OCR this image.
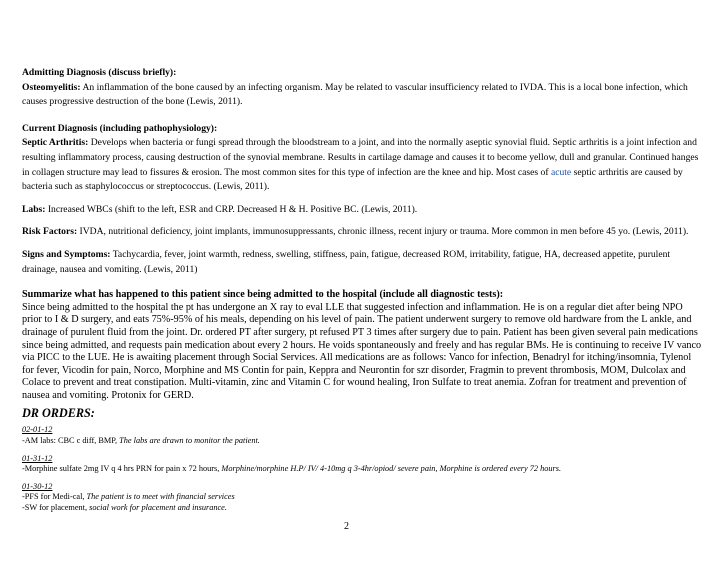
Admitting Diagnosis (discuss briefly):
Osteomyelitis: An inflammation of the bone caused by an infecting organism. May be related to vascular insufficiency related to IVDA. This is a local bone infection, which causes progressive destruction of the bone (Lewis, 2011).
Current Diagnosis (including pathophysiology):
Septic Arthritis: Develops when bacteria or fungi spread through the bloodstream to a joint, and into the normally aseptic synovial fluid. Septic arthritis is a joint infection and resulting inflammatory process, causing destruction of the synovial membrane. Results in cartilage damage and causes it to become yellow, dull and granular. Continued hanges in collagen structure may lead to fissures & erosion. The most common sites for this type of infection are the knee and hip. Most cases of acute septic arthritis are caused by bacteria such as staphylococcus or streptococcus. (Lewis, 2011).
Labs: Increased WBCs (shift to the left, ESR and CRP. Decreased H & H. Positive BC. (Lewis, 2011).
Risk Factors: IVDA, nutritional deficiency, joint implants, immunosuppressants, chronic illness, recent injury or trauma. More common in men before 45 yo. (Lewis, 2011).
Signs and Symptoms: Tachycardia, fever, joint warmth, redness, swelling, stiffness, pain, fatigue, decreased ROM, irritability, fatigue, HA, decreased appetite, purulent drainage, nausea and vomiting. (Lewis, 2011)
Summarize what has happened to this patient since being admitted to the hospital (include all diagnostic tests):
Since being admitted to the hospital the pt has undergone an X ray to eval LLE that suggested infection and inflammation. He is on a regular diet after being NPO prior to I & D surgery, and eats 75%-95% of his meals, depending on his level of pain. The patient underwent surgery to remove old hardware from the L ankle, and drainage of purulent fluid from the joint. Dr. ordered PT after surgery, pt refused PT 3 times after surgery due to pain. Patient has been given several pain medications since being admitted, and requests pain medication about every 2 hours. He voids spontaneously and freely and has regular BMs. He is continuing to receive IV vanco via PICC to the LUE. He is awaiting placement through Social Services. All medications are as follows: Vanco for infection, Benadryl for itching/insomnia, Tylenol for fever, Vicodin for pain, Norco, Morphine and MS Contin for pain, Keppra and Neurontin for szr disorder, Fragmin to prevent thrombosis, MOM, Dulcolax and Colace to prevent and treat constipation. Multi-vitamin, zinc and Vitamin C for wound healing, Iron Sulfate to treat anemia. Zofran for treatment and prevention of nausea and vomiting. Protonix for GERD.
DR ORDERS:
02-01-12
-AM labs: CBC c diff, BMP, The labs are drawn to monitor the patient.
01-31-12
-Morphine sulfate 2mg IV q 4 hrs PRN for pain x 72 hours, Morphine/morphine H.P/ IV/ 4-10mg q 3-4hr/opiod/ severe pain, Morphine is ordered every 72 hours.
01-30-12
-PFS for Medi-cal, The patient is to meet with financial services
-SW for placement, social work for placement and insurance.
2
